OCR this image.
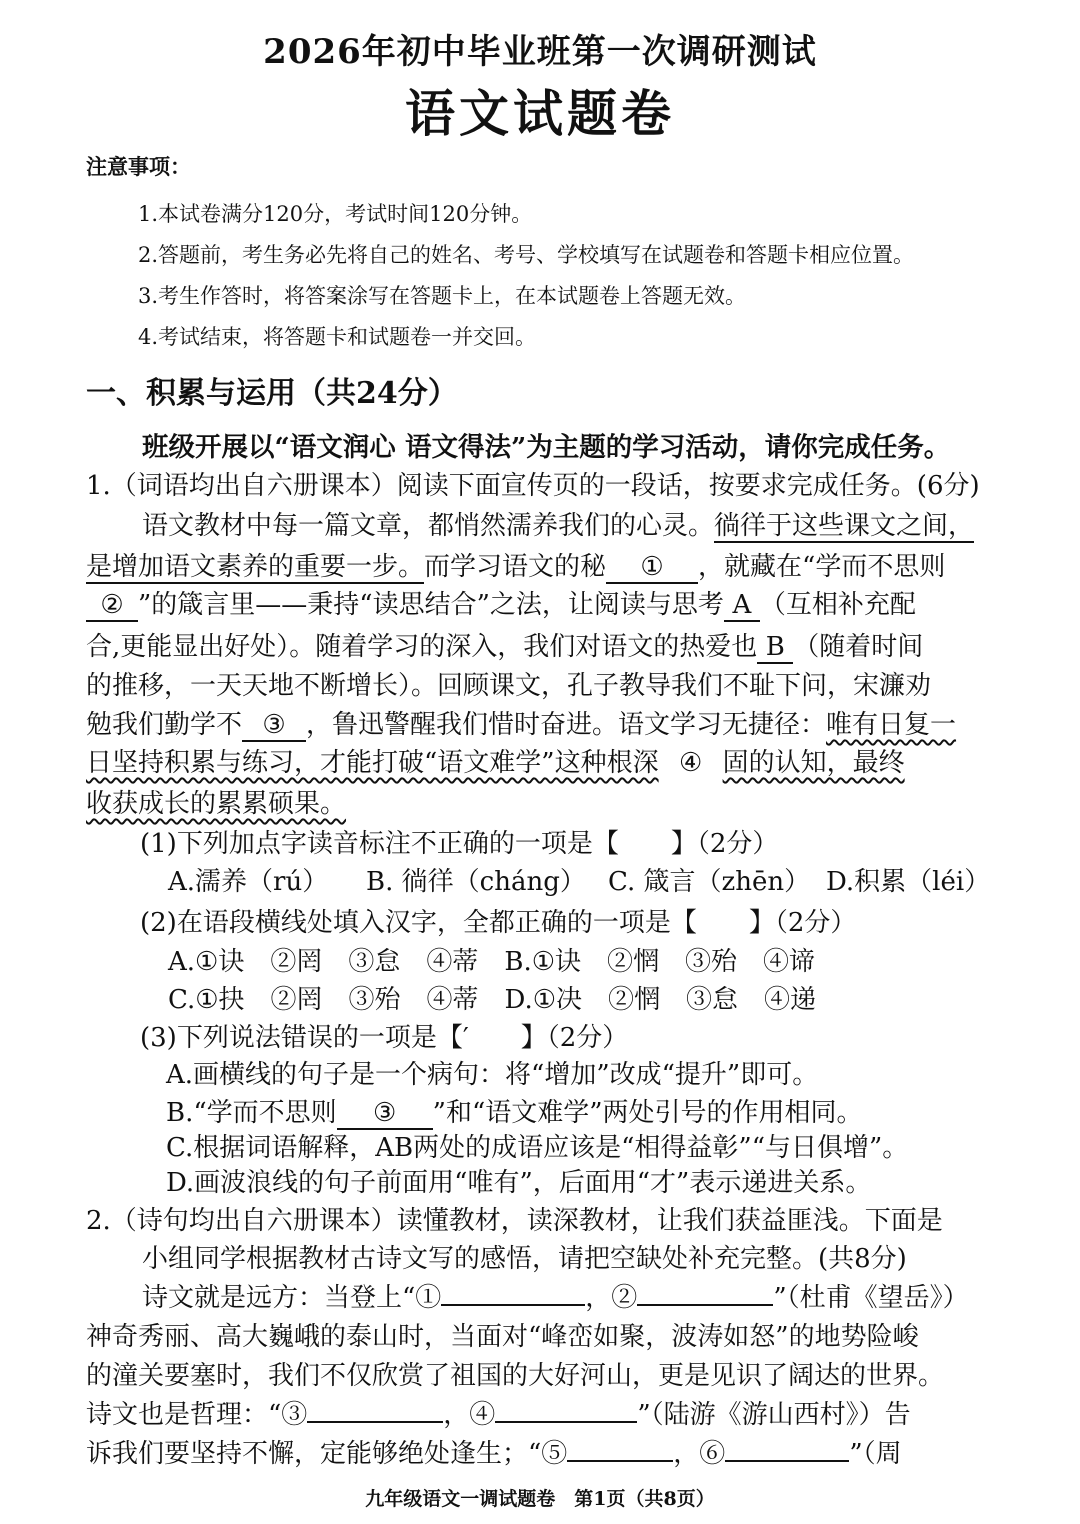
2026年初中毕业班第一次调研测试
语文试题卷
注意事项：
1.本试卷满分120分，考试时间120分钟。
2.答题前，考生务必先将自己的姓名、考号、学校填写在试题卷和答题卡相应位置。
3.考生作答时，将答案涂写在答题卡上，在本试题卷上答题无效。
4.考试结束，将答题卡和试题卷一并交回。
一、积累与运用（共24分）
班级开展以“语文润心 语文得法”为主题的学习活动，请你完成任务。
1.（词语均出自六册课本）阅读下面宣传页的一段话，按要求完成任务。(6分)
语文教材中每一篇文章，都悄然濡养我们的心灵。徜徉于这些课文之间，
是增加语文素养的重要一步。而学习语文的秘 ① ，就藏在“学而不思则
② ”的箴言里——秉持“读思结合”之法，让阅读与思考 A （互相补充配
合,更能显出好处）。随着学习的深入，我们对语文的热爱也 B （随着时间
的推移，一天天地不断增长）。回顾课文，孔子教导我们不耻下问，宋濂劝
勉我们勤学不 ③ ，鲁迅警醒我们惜时奋进。语文学习无捷径：唯有日复一
日坚持积累与练习，才能打破“语文难学”这种根深 ④ 固的认知，最终
收获成长的累累硕果。
(1)下列加点字读音标注不正确的一项是【　　】（2分）
A.濡养（rú） B. 徜徉（cháng） C. 箴言（zhēn） D.积累（léi）
(2)在语段横线处填入汉字，全都正确的一项是【　　】（2分）
A.①诀　②罔　③怠　④蒂　B.①诀　②惘　③殆　④谛
C.①抉　②罔　③殆　④蒂　D.①决　②惘　③怠　④递
(3)下列说法错误的一项是【′　　】（2分）
A.画横线的句子是一个病句：将“增加”改成“提升”即可。
B.“学而不思则 ③ ”和“语文难学”两处引号的作用相同。
C.根据词语解释，AB两处的成语应该是“相得益彰”“与日俱增”。
D.画波浪线的句子前面用“唯有”，后面用“才”表示递进关系。
2.（诗句均出自六册课本）读懂教材，读深教材，让我们获益匪浅。下面是
小组同学根据教材古诗文写的感悟，请把空缺处补充完整。(共8分)
诗文就是远方：当登上“①	，②	”（杜甫《望岳》）
神奇秀丽、高大巍峨的泰山时，当面对“峰峦如聚，波涛如怒”的地势险峻
的潼关要塞时，我们不仅欣赏了祖国的大好河山，更是见识了阔达的世界。
诗文也是哲理：“③	，④	”（陆游《游山西村》）告
诉我们要坚持不懈，定能够绝处逢生；“⑤	，⑥	”（周
九年级语文一调试题卷　第1页（共8页）
